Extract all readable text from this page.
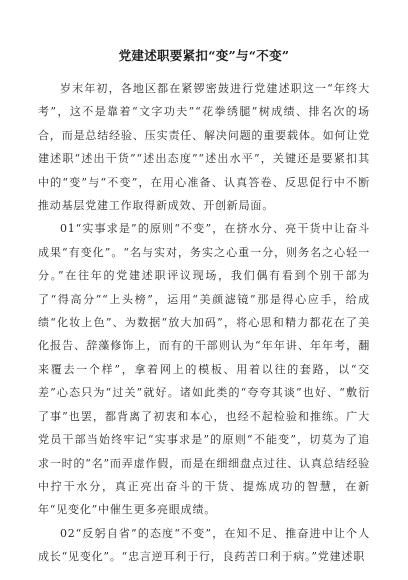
党建述职要紧扣“变”与“不变”

岁末年初，各地区都在紧锣密鼓进行党建述职这一“年终大考”，这不是靠着“文字功夫”“花拳绣腿”树成绩、排名次的场合，而是总结经验、压实责任、解决问题的重要载体。如何让党建述职“述出干货”“述出态度”“述出水平”，关键还是要紧扣其中的“变”与“不变”，在用心准备、认真答卷、反思促行中不断推动基层党建工作取得新成效、开创新局面。

01“实事求是”的原则“不变”，在挤水分、亮干货中让奋斗成果“有变化”。“名与实对，务实之心重一分，则务名之心轻一分。”在往年的党建述职评议现场，我们偶有看到个别干部为了“得高分”“上头榜”，运用“美颜滤镜”那是得心应手，给成绩“化妆上色”、为数据“放大加码”，将心思和精力都花在了美化报告、辞藻修饰上，而有的干部则认为“年年讲、年年考，翻来覆去一个样”，拿着网上的模板、用着以往的套路，以“交差”心态只为“过关”就好。诸如此类的“夸夸其谈”也好、“敷衍了事”也罢，都背离了初衷和本心，也经不起检验和推练。广大党员干部当始终牢记“实事求是”的原则“不能变”，切莫为了追求一时的“名”而弄虚作假，而是在细细盘点过往、认真总结经验中拧干水分，真正亮出奋斗的干货、提炼成功的智慧，在新年“见变化”中催生更多亮眼成绩。

02“反躬自省”的态度“不变”，在知不足、推奋进中让个人成长“见变化”。“忠言逆耳利于行，良药苦口利于病。”党建述职
